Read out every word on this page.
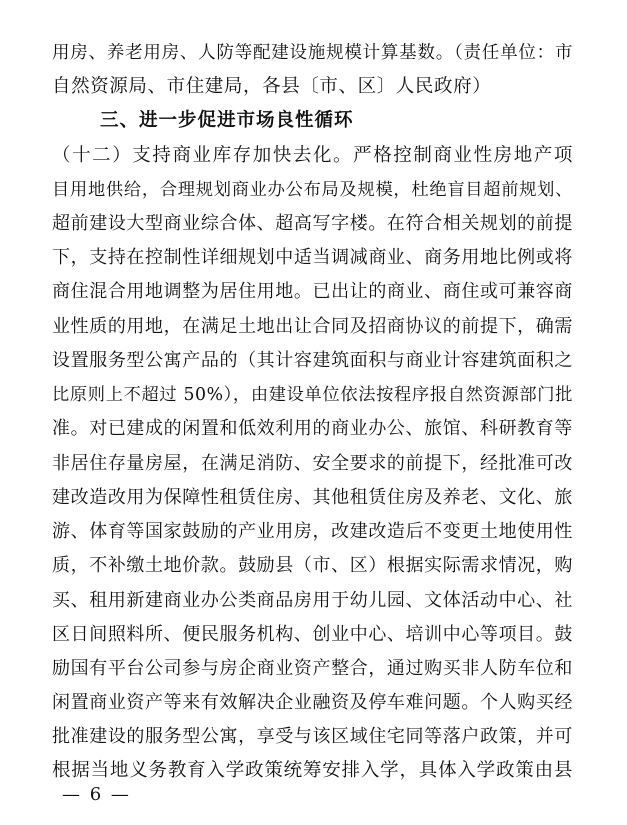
用房、养老用房、人防等配建设施规模计算基数。（责任单位：市
自然资源局、市住建局，各县〔市、区〕人民政府）
三、进一步促进市场良性循环
（十二）支持商业库存加快去化。严格控制商业性房地产项
目用地供给，合理规划商业办公布局及规模，杜绝盲目超前规划、
超前建设大型商业综合体、超高写字楼。在符合相关规划的前提
下，支持在控制性详细规划中适当调减商业、商务用地比例或将
商住混合用地调整为居住用地。已出让的商业、商住或可兼容商
业性质的用地，在满足土地出让合同及招商协议的前提下，确需
设置服务型公寓产品的（其计容建筑面积与商业计容建筑面积之
比原则上不超过 50%），由建设单位依法按程序报自然资源部门批
准。对已建成的闲置和低效利用的商业办公、旅馆、科研教育等
非居住存量房屋，在满足消防、安全要求的前提下，经批准可改
建改造改用为保障性租赁住房、其他租赁住房及养老、文化、旅
游、体育等国家鼓励的产业用房，改建改造后不变更土地使用性
质，不补缴土地价款。鼓励县（市、区）根据实际需求情况，购
买、租用新建商业办公类商品房用于幼儿园、文体活动中心、社
区日间照料所、便民服务机构、创业中心、培训中心等项目。鼓
励国有平台公司参与房企商业资产整合，通过购买非人防车位和
闲置商业资产等来有效解决企业融资及停车难问题。个人购买经
批准建设的服务型公寓，享受与该区域住宅同等落户政策，并可
根据当地义务教育入学政策统筹安排入学，具体入学政策由县
— 6 —
